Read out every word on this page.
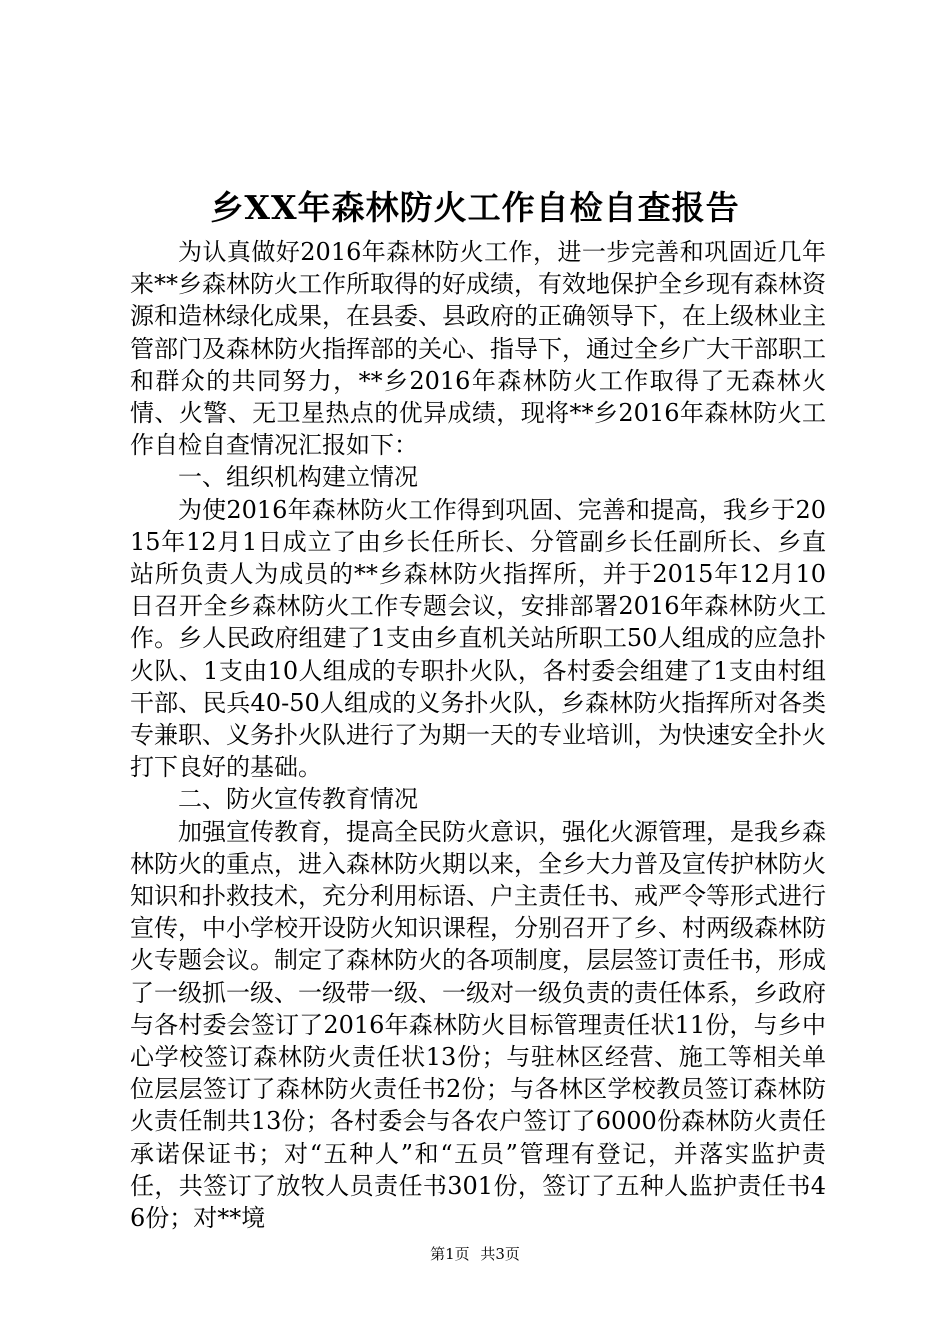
乡XX年森林防火工作自检自查报告

为认真做好2016年森林防火工作，进一步完善和巩固近几年来**乡森林防火工作所取得的好成绩，有效地保护全乡现有森林资源和造林绿化成果，在县委、县政府的正确领导下，在上级林业主管部门及森林防火指挥部的关心、指导下，通过全乡广大干部职工和群众的共同努力，**乡2016年森林防火工作取得了无森林火情、火警、无卫星热点的优异成绩，现将**乡2016年森林防火工作自检自查情况汇报如下：

一、组织机构建立情况

为使2016年森林防火工作得到巩固、完善和提高，我乡于2015年12月1日成立了由乡长任所长、分管副乡长任副所长、乡直站所负责人为成员的**乡森林防火指挥所，并于2015年12月10日召开全乡森林防火工作专题会议，安排部署2016年森林防火工作。乡人民政府组建了1支由乡直机关站所职工50人组成的应急扑火队、1支由10人组成的专职扑火队，各村委会组建了1支由村组干部、民兵40-50人组成的义务扑火队，乡森林防火指挥所对各类专兼职、义务扑火队进行了为期一天的专业培训，为快速安全扑火打下良好的基础。

二、防火宣传教育情况

加强宣传教育，提高全民防火意识，强化火源管理，是我乡森林防火的重点，进入森林防火期以来，全乡大力普及宣传护林防火知识和扑救技术，充分利用标语、户主责任书、戒严令等形式进行宣传，中小学校开设防火知识课程，分别召开了乡、村两级森林防火专题会议。制定了森林防火的各项制度，层层签订责任书，形成了一级抓一级、一级带一级、一级对一级负责的责任体系，乡政府与各村委会签订了2016年森林防火目标管理责任状11份，与乡中心学校签订森林防火责任状13份；与驻林区经营、施工等相关单位层层签订了森林防火责任书2份；与各林区学校教员签订森林防火责任制共13份；各村委会与各农户签订了6000份森林防火责任承诺保证书；对“五种人”和“五员”管理有登记，并落实监护责任，共签订了放牧人员责任书301份，签订了五种人监护责任书46份；对**境

第1页 共3页
